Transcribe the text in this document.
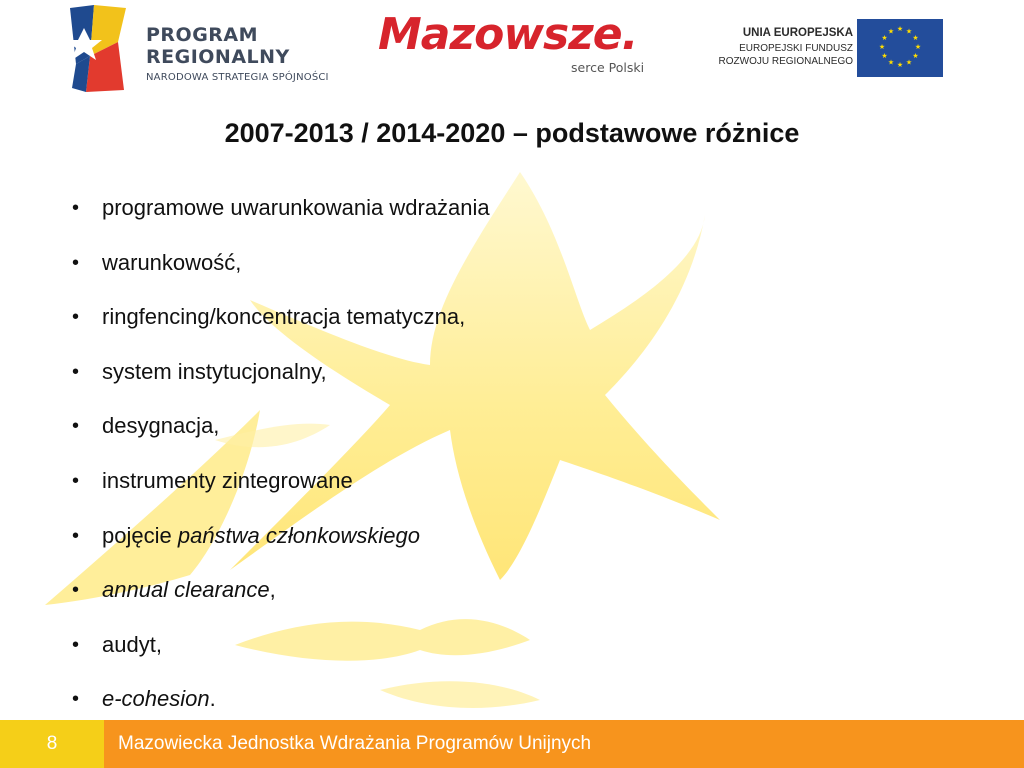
PROGRAM
REGIONALNY
NARODOWA STRATEGIA SPÓJNOŚCI
Mazowsze.
serce Polski
UNIA EUROPEJSKA
EUROPEJSKI FUNDUSZ
ROZWOJU REGIONALNEGO
★ ★
★
★
★
★
★
★
★
★
★
★
2007-2013 / 2014-2020 – podstawowe różnice
• programowe uwarunkowania wdrażania
• warunkowość,
• ringfencing/koncentracja tematyczna,
• system instytucjonalny,
• desygnacja,
• instrumenty zintegrowane
• pojęcie państwa członkowskiego
• annual clearance,
• audyt,
• e-cohesion.
8	Mazowiecka Jednostka Wdrażania Programów Unijnych
